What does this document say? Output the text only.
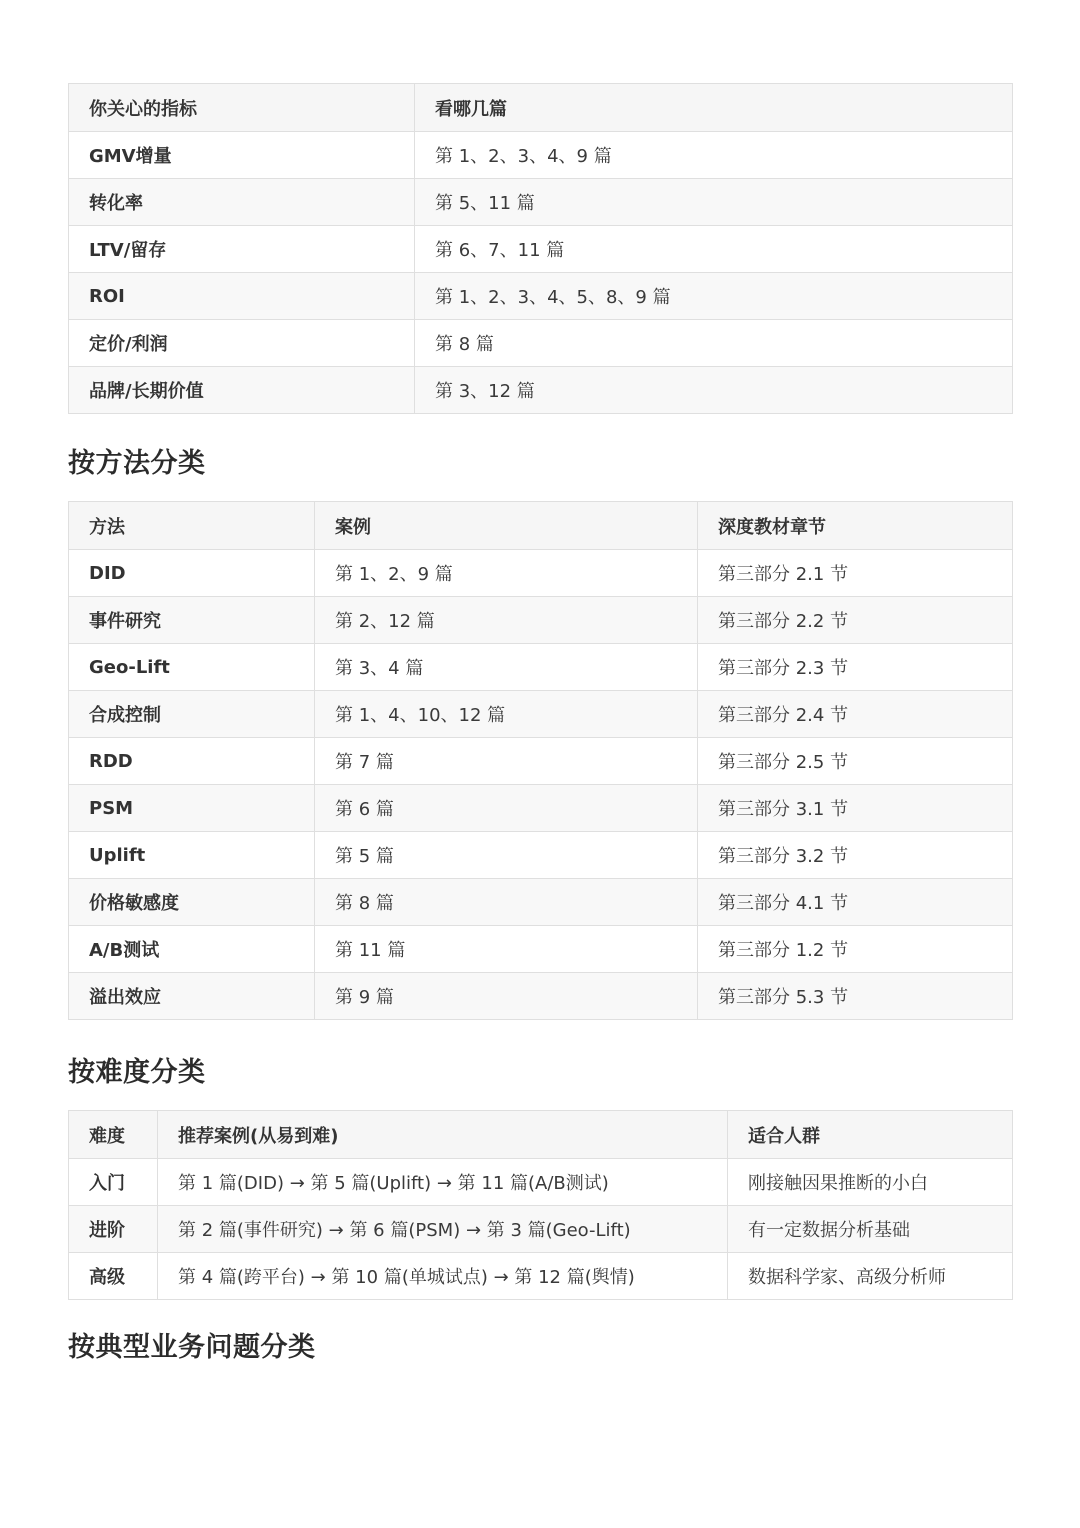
你关心的指标	看哪几篇
GMV增量	第 1、2、3、4、9 篇
转化率	第 5、11 篇
LTV/留存	第 6、7、11 篇
ROI	第 1、2、3、4、5、8、9 篇
定价/利润	第 8 篇
品牌/长期价值	第 3、12 篇
按方法分类
方法	案例	深度教材章节
DID	第 1、2、9 篇	第三部分 2.1 节
事件研究	第 2、12 篇	第三部分 2.2 节
Geo-Lift	第 3、4 篇	第三部分 2.3 节
合成控制	第 1、4、10、12 篇	第三部分 2.4 节
RDD	第 7 篇	第三部分 2.5 节
PSM	第 6 篇	第三部分 3.1 节
Uplift	第 5 篇	第三部分 3.2 节
价格敏感度	第 8 篇	第三部分 4.1 节
A/B测试	第 11 篇	第三部分 1.2 节
溢出效应	第 9 篇	第三部分 5.3 节
按难度分类
难度	推荐案例(从易到难)	适合人群
入门	第 1 篇(DID) → 第 5 篇(Uplift) → 第 11 篇(A/B测试)	刚接触因果推断的小白
进阶	第 2 篇(事件研究) → 第 6 篇(PSM) → 第 3 篇(Geo-Lift)	有一定数据分析基础
高级	第 4 篇(跨平台) → 第 10 篇(单城试点) → 第 12 篇(舆情)	数据科学家、高级分析师
按典型业务问题分类
